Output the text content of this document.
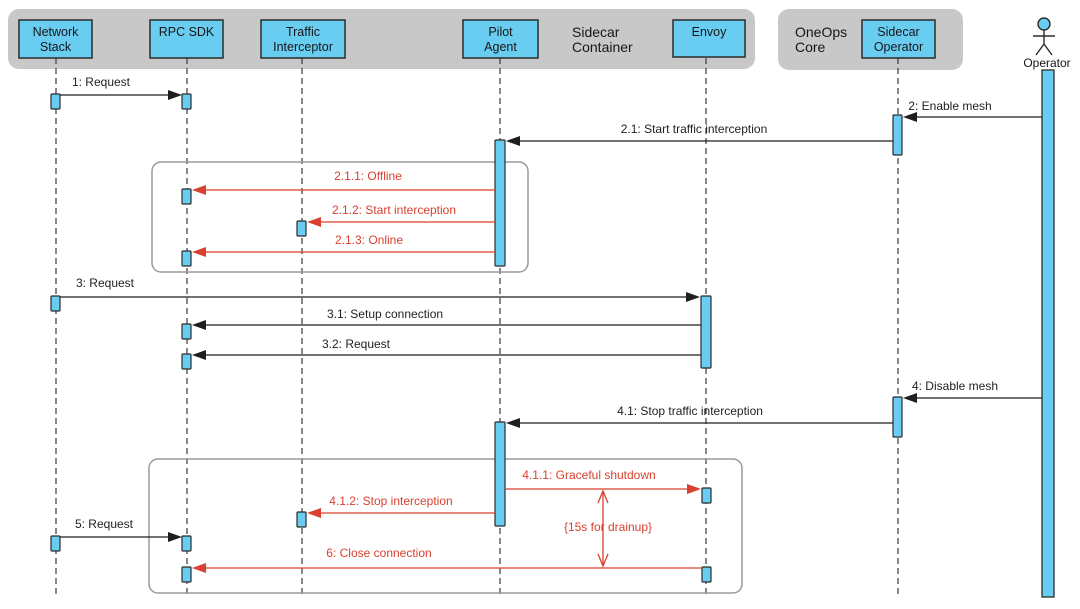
Sidecar Container
OneOps Core
1: Request
2: Enable mesh
2.1: Start traffic interception
2.1.1: Offline
2.1.2: Start interception
2.1.3: Online
3: Request
3.1: Setup connection
3.2: Request
4: Disable mesh
4.1: Stop traffic interception
4.1.1: Graceful shutdown
4.1.2: Stop interception
5: Request
6: Close connection
{15s for drainup}
Network Stack
RPC SDK	Traffic Interceptor
Pilot Agent
Envoy	Sidecar Operator
Operator
